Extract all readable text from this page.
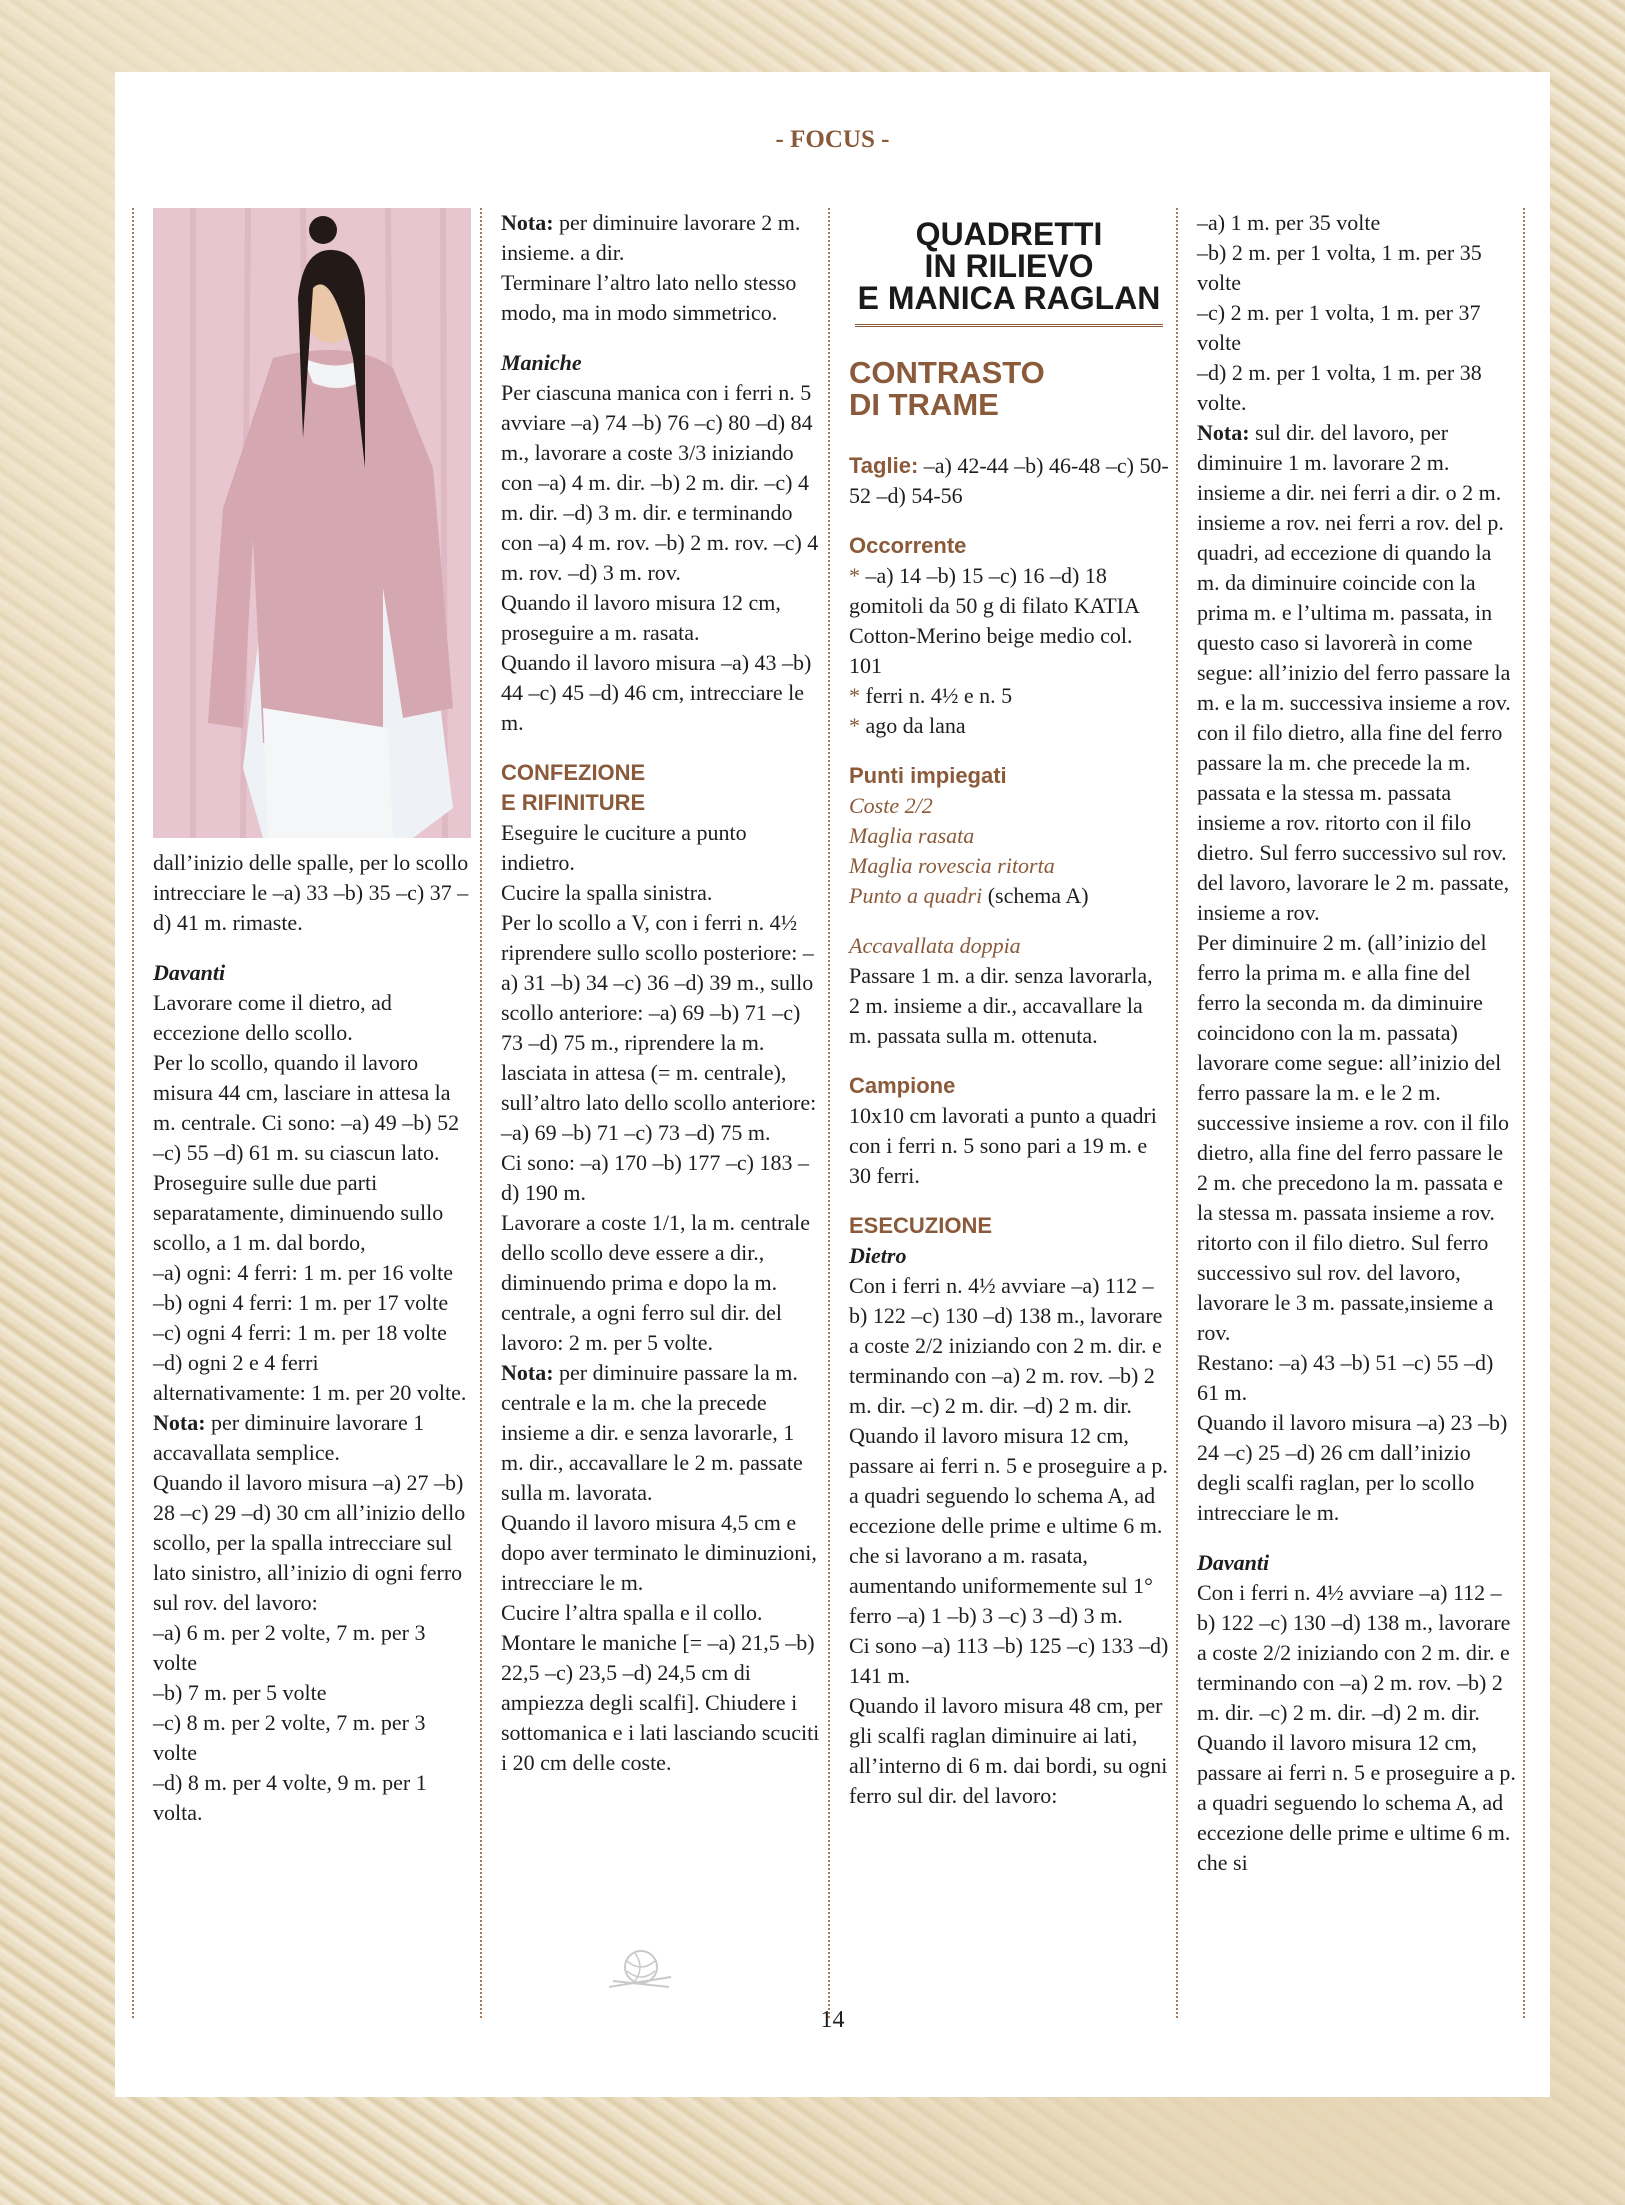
- FOCUS -

dall’inizio delle spalle, per lo scollo intrecciare le –a) 33 –b) 35 –c) 37 –d) 41 m. rimaste.

Davanti

Lavorare come il dietro, ad eccezione dello scollo.

Per lo scollo, quando il lavoro misura 44 cm, lasciare in attesa la m. centrale. Ci sono: –a) 49 –b) 52 –c) 55 –d) 61 m. su ciascun lato.

Proseguire sulle due parti separatamente, diminuendo sullo scollo, a 1 m. dal bordo,

–a) ogni: 4 ferri: 1 m. per 16 volte

–b) ogni 4 ferri: 1 m. per 17 volte

–c) ogni 4 ferri: 1 m. per 18 volte

–d) ogni 2 e 4 ferri alternativamente: 1 m. per 20 volte.

Nota: per diminuire lavorare 1 accavallata semplice.

Quando il lavoro misura –a) 27 –b) 28 –c) 29 –d) 30 cm all’inizio dello scollo, per la spalla intrecciare sul lato sinistro, all’inizio di ogni ferro sul rov. del lavoro:

–a) 6 m. per 2 volte, 7 m. per 3 volte

–b) 7 m. per 5 volte

–c) 8 m. per 2 volte, 7 m. per 3 volte

–d) 8 m. per 4 volte, 9 m. per 1 volta.

Nota: per diminuire lavorare 2 m. insieme. a dir.

Terminare l’altro lato nello stesso modo, ma in modo simmetrico.

Maniche

Per ciascuna manica con i ferri n. 5 avviare –a) 74 –b) 76 –c) 80 –d) 84 m., lavorare a coste 3/3 iniziando con –a) 4 m. dir. –b) 2 m. dir. –c) 4 m. dir. –d) 3 m. dir. e terminando con –a) 4 m. rov. –b) 2 m. rov. –c) 4 m. rov. –d) 3 m. rov.

Quando il lavoro misura 12 cm, proseguire a m. rasata.

Quando il lavoro misura –a) 43 –b) 44 –c) 45 –d) 46 cm, intrecciare le m.

CONFEZIONE

E RIFINITURE

Eseguire le cuciture a punto indietro.

Cucire la spalla sinistra.

Per lo scollo a V, con i ferri n. 4½ riprendere sullo scollo posteriore: –a) 31 –b) 34 –c) 36 –d) 39 m., sullo scollo anteriore: –a) 69 –b) 71 –c) 73 –d) 75 m., riprendere la m. lasciata in attesa (= m. centrale), sull’altro lato dello scollo anteriore: –a) 69 –b) 71 –c) 73 –d) 75 m.

Ci sono: –a) 170 –b) 177 –c) 183 –d) 190 m.

Lavorare a coste 1/1, la m. centrale dello scollo deve essere a dir., diminuendo prima e dopo la m. centrale, a ogni ferro sul dir. del lavoro: 2 m. per 5 volte.

Nota: per diminuire passare la m. centrale e la m. che la precede insieme a dir. e senza lavorarle, 1 m. dir., accavallare le 2 m. passate sulla m. lavorata.

Quando il lavoro misura 4,5 cm e dopo aver terminato le diminuzioni, intrecciare le m.

Cucire l’altra spalla e il collo.

Montare le maniche [= –a) 21,5 –b) 22,5 –c) 23,5 –d) 24,5 cm di ampiezza degli scalfi]. Chiudere i sottomanica e i lati lasciando scuciti i 20 cm delle coste.

QUADRETTI
IN RILIEVO
E MANICA RAGLAN
CONTRASTO
DI TRAME

Taglie: –a) 42-44 –b) 46-48 –c) 50-52 –d) 54-56

Occorrente

* –a) 14 –b) 15 –c) 16 –d) 18 gomitoli da 50 g di filato KATIA Cotton-Merino beige medio col. 101

* ferri n. 4½ e n. 5

* ago da lana

Punti impiegati

Coste 2/2

Maglia rasata

Maglia rovescia ritorta

Punto a quadri (schema A)

Accavallata doppia

Passare 1 m. a dir. senza lavorarla, 2 m. insieme a dir., accavallare la m. passata sulla m. ottenuta.

Campione

10x10 cm lavorati a punto a quadri con i ferri n. 5 sono pari a 19 m. e 30 ferri.

ESECUZIONE

Dietro

Con i ferri n. 4½ avviare –a) 112 –b) 122 –c) 130 –d) 138 m., lavorare a coste 2/2 iniziando con 2 m. dir. e terminando con –a) 2 m. rov. –b) 2 m. dir. –c) 2 m. dir. –d) 2 m. dir.

Quando il lavoro misura 12 cm, passare ai ferri n. 5 e proseguire a p. a quadri seguendo lo schema A, ad eccezione delle prime e ultime 6 m. che si lavorano a m. rasata, aumentando uniformemente sul 1° ferro –a) 1 –b) 3 –c) 3 –d) 3 m.

Ci sono –a) 113 –b) 125 –c) 133 –d) 141 m.

Quando il lavoro misura 48 cm, per gli scalfi raglan diminuire ai lati, all’interno di 6 m. dai bordi, su ogni ferro sul dir. del lavoro:

–a) 1 m. per 35 volte

–b) 2 m. per 1 volta, 1 m. per 35 volte

–c) 2 m. per 1 volta, 1 m. per 37 volte

–d) 2 m. per 1 volta, 1 m. per 38 volte.

Nota: sul dir. del lavoro, per diminuire 1 m. lavorare 2 m. insieme a dir. nei ferri a dir. o 2 m. insieme a rov. nei ferri a rov. del p. quadri, ad eccezione di quando la m. da diminuire coincide con la prima m. e l’ultima m. passata, in questo caso si lavorerà in come segue: all’inizio del ferro passare la m. e la m. successiva insieme a rov. con il filo dietro, alla fine del ferro passare la m. che precede la m. passata e la stessa m. passata insieme a rov. ritorto con il filo dietro. Sul ferro successivo sul rov. del lavoro, lavorare le 2 m. passate, insieme a rov.

Per diminuire 2 m. (all’inizio del ferro la prima m. e alla fine del ferro la seconda m. da diminuire coincidono con la m. passata) lavorare come segue: all’inizio del ferro passare la m. e le 2 m. successive insieme a rov. con il filo dietro, alla fine del ferro passare le 2 m. che precedono la m. passata e la stessa m. passata insieme a rov. ritorto con il filo dietro. Sul ferro successivo sul rov. del lavoro, lavorare le 3 m. passate,insieme a rov.

Restano: –a) 43 –b) 51 –c) 55 –d) 61 m.

Quando il lavoro misura –a) 23 –b) 24 –c) 25 –d) 26 cm dall’inizio degli scalfi raglan, per lo scollo intrecciare le m.

Davanti

Con i ferri n. 4½ avviare –a) 112 –b) 122 –c) 130 –d) 138 m., lavorare a coste 2/2 iniziando con 2 m. dir. e terminando con –a) 2 m. rov. –b) 2 m. dir. –c) 2 m. dir. –d) 2 m. dir.

Quando il lavoro misura 12 cm, passare ai ferri n. 5 e proseguire a p. a quadri seguendo lo schema A, ad eccezione delle prime e ultime 6 m. che si

14
